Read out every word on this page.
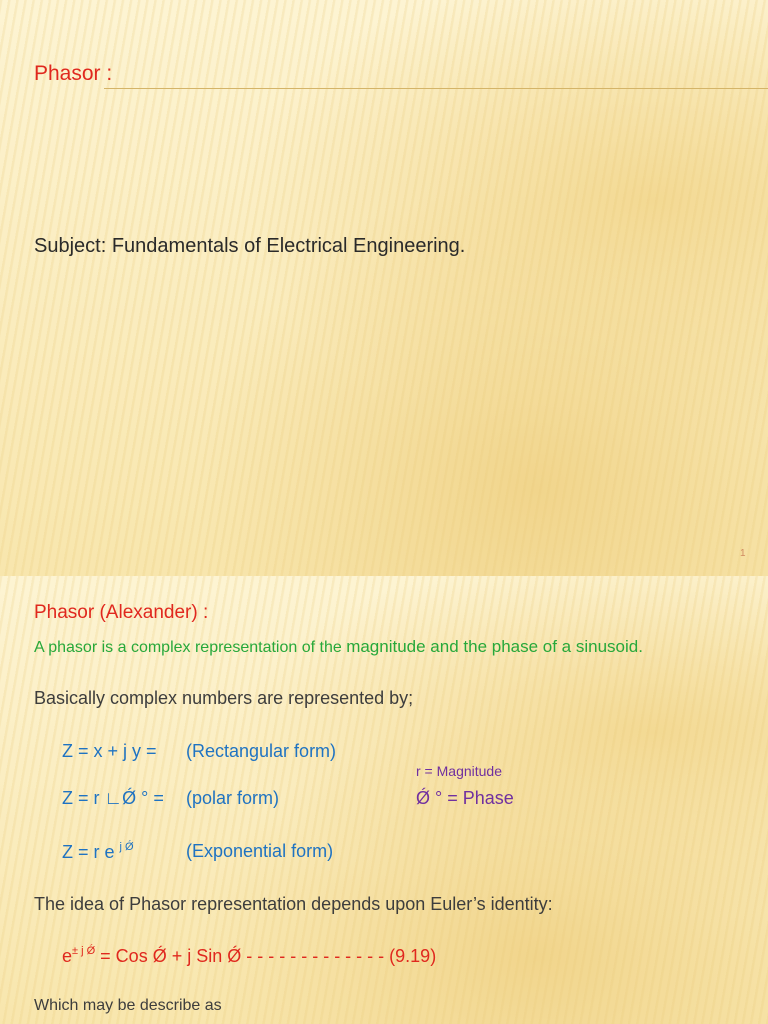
Phasor :
Subject: Fundamentals of Electrical Engineering.
1
Phasor (Alexander) :
A phasor is a complex representation of the magnitude and the phase of a sinusoid.
Basically complex numbers are represented by;
Z = x + j y = (Rectangular form)
r = Magnitude
Z = r ∟Ǿ ° = (polar form)	Ǿ ° = Phase
Z = r e $^{j Ǿ}$	(Exponential form)
The idea of Phasor representation depends upon Euler’s identity:
$e^{\pm j Ǿ}$ = Cos Ǿ + j Sin Ǿ - - - - - - - - - - - - - (9.19)
Which may be describe as
